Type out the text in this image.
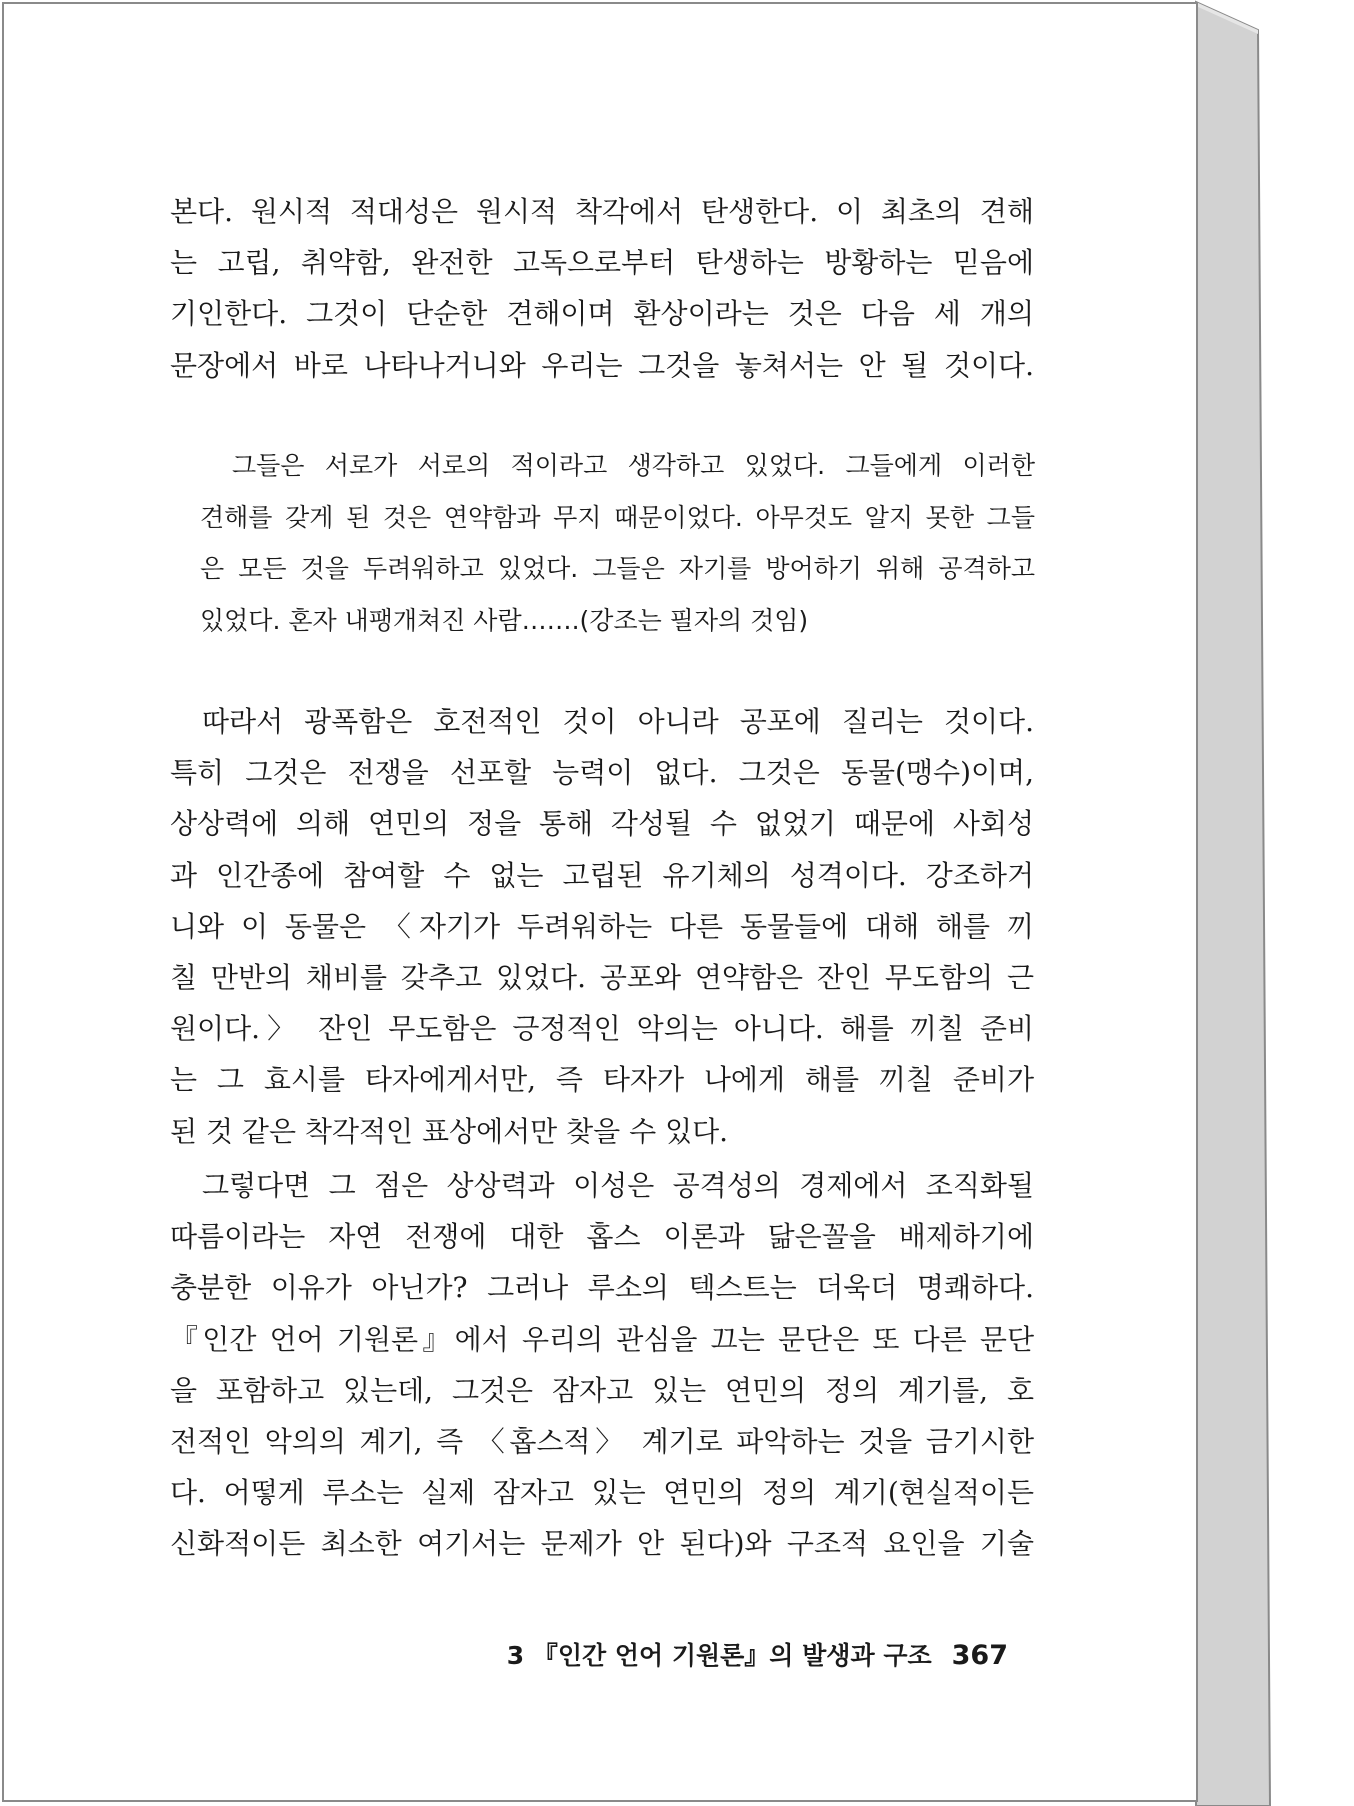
본다. 원시적 적대성은 원시적 착각에서 탄생한다. 이 최초의 견해
는 고립, 취약함, 완전한 고독으로부터 탄생하는 방황하는 믿음에
기인한다. 그것이 단순한 견해이며 환상이라는 것은 다음 세 개의
문장에서 바로 나타나거니와 우리는 그것을 놓쳐서는 안 될 것이다.
그들은 서로가 서로의 적이라고 생각하고 있었다. 그들에게 이러한
견해를 갖게 된 것은 연약함과 무지 때문이었다. 아무것도 알지 못한 그들
은 모든 것을 두려워하고 있었다. 그들은 자기를 방어하기 위해 공격하고
있었다. 혼자 내팽개쳐진 사람…….(강조는 필자의 것임)
따라서 광폭함은 호전적인 것이 아니라 공포에 질리는 것이다.
특히 그것은 전쟁을 선포할 능력이 없다. 그것은 동물(맹수)이며,
상상력에 의해 연민의 정을 통해 각성될 수 없었기 때문에 사회성
과 인간종에 참여할 수 없는 고립된 유기체의 성격이다. 강조하거
니와 이 동물은 〈자기가 두려워하는 다른 동물들에 대해 해를 끼
칠 만반의 채비를 갖추고 있었다. 공포와 연약함은 잔인 무도함의 근
원이다.〉 잔인 무도함은 긍정적인 악의는 아니다. 해를 끼칠 준비
는 그 효시를 타자에게서만, 즉 타자가 나에게 해를 끼칠 준비가
된 것 같은 착각적인 표상에서만 찾을 수 있다.
그렇다면 그 점은 상상력과 이성은 공격성의 경제에서 조직화될
따름이라는 자연 전쟁에 대한 홉스 이론과 닮은꼴을 배제하기에
충분한 이유가 아닌가? 그러나 루소의 텍스트는 더욱더 명쾌하다.
『인간 언어 기원론』에서 우리의 관심을 끄는 문단은 또 다른 문단
을 포함하고 있는데, 그것은 잠자고 있는 연민의 정의 계기를, 호
전적인 악의의 계기, 즉 〈홉스적〉 계기로 파악하는 것을 금기시한
다. 어떻게 루소는 실제 잠자고 있는 연민의 정의 계기(현실적이든
신화적이든 최소한 여기서는 문제가 안 된다)와 구조적 요인을 기술
3 『인간 언어 기원론』의 발생과 구조 367
